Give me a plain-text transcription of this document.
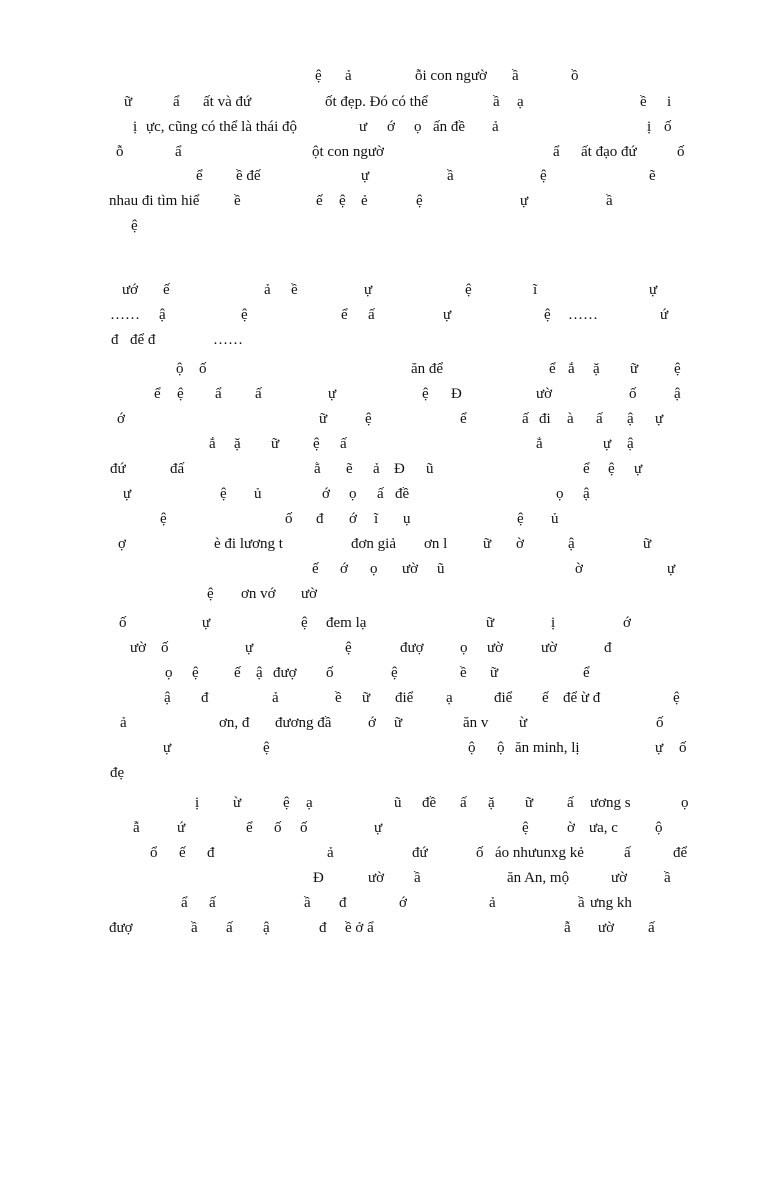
ệ

ả

	ỗi con ngườ

ầ

	ồ

ữ

	ẩ

ất và đứ

	ốt đẹp. Đó có thể

	ầ

ạ

	ề

i

ị

ực, cũng có thể là thái độ

	ư

ớ

ọ

ấn đề

ả

	ị

ố

ỗ

	ẩ

	ột con ngườ

	ẩ

ất đạo đứ

	ố

ể

ề đế

	ự

	ầ

	ệ

	ẽ

nhau đi tìm hiể

ề

	ế

ệ

ẻ

	ệ

	ự

	ầ

ệ

ướ

ế

	ả

ề

	ự

	ệ

	ĩ

	ự

……

ậ

	ệ

	ể

ấ

	ự

	ệ

……

	ứ

đ

để đ

	……

ộ

ố

	ăn để

	ể

ắ

ặ

ữ

ệ

ể

ệ

ẩ

ấ

	ự

	ệ

Đ

	ườ

	ố

	ậ

ớ

	ữ

	ệ

	ể

	ấ

đi

à

ấ

ậ

ự

ắ

ặ

ữ

ệ

ấ

	ẳ

	ự

ậ

đứ

	đấ

	ằ

ẽ

ả

Đ

ũ

	ể

ệ

ự

ự

	ệ

ủ

	ớ

ọ

ấ

đề

	ọ

ậ

ệ

	ố

đ

ớ

ĩ

ụ

	ệ

ủ

ợ

	è đi lương t

	đơn giả

ơn l

ữ

ờ

	ậ

	ữ

ế

ớ

ọ

ườ

ũ

	ờ

	ự

ệ

ơn vớ

ườ

ố

	ự

	ệ

đem lạ

	ữ

	ị

	ớ

ườ

ố

	ự

	ệ

	đượ

ọ

ườ

	ườ

	đ

ọ

ệ

ế

ậ

đượ

ố

	ệ

	ề

ữ

	ể

ậ

đ

	ả

	ề

ữ

điể

ạ

	điể

ế

để ừ đ

	ệ

ả

	ơn, đ

đương đầ

ớ

ữ

	ăn v

ừ

	ố

ự

	ệ

	ộ

ộ

ăn minh, lị

	ự

ố

đẹ

ị

ừ

	ệ

ạ

	ũ

đề

ấ

ặ

ữ

ấ

ương s

	ọ

ẫ

ứ

	ể

ố

ố

	ự

	ệ

	ờ

ưa, c

ộ

ổ

ế

đ

	ả

	đứ

	ố

áo nhưunxg kẻ

	ấ

	để

Đ

	ườ

ầ

	ăn An, mộ

	ườ

ầ

ẩ

ấ

	ầ

đ

	ớ

	ả

	ầ

ưng kh

đượ

	ầ

ấ

ậ

	đ

ề ở ẩ

	ẫ

ườ

ấ
